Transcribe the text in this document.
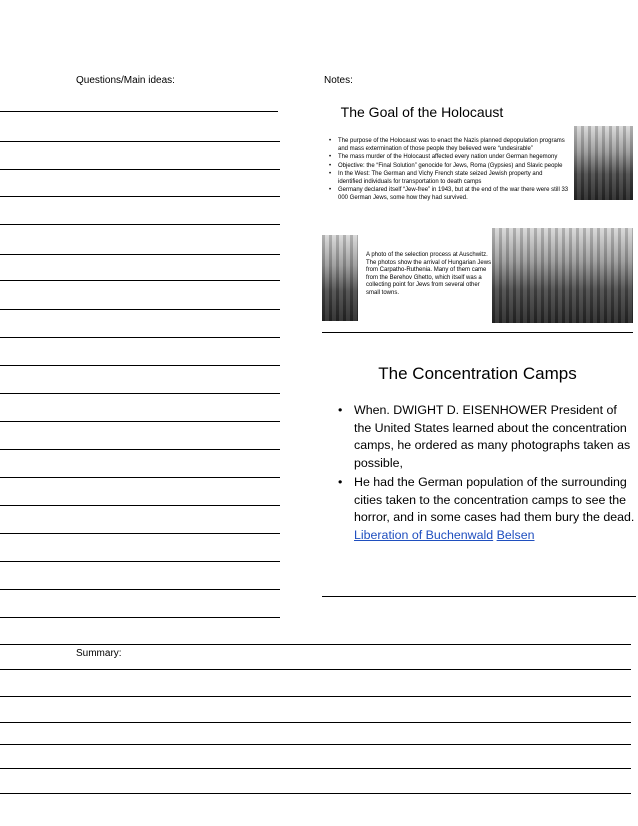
Questions/Main ideas:	Notes:
The Goal of the Holocaust
• The purpose of the Holocaust was to enact the Nazis planned depopulation programs and mass extermination of those people they believed were “undesirable”
• The mass murder of the Holocaust affected every nation under German hegemony
• Objective: the “Final Solution” genocide for Jews, Roma (Gypsies) and Slavic people
• In the West: The German and Vichy French state seized Jewish property and identified individuals for transportation to death camps
• Germany declared itself “Jew-free” in 1943, but at the end of the war there were still 33 000 German Jews, some how they had survived.
A photo of the selection process at Auschwitz. The photos show the arrival of Hungarian Jews from Carpatho-Ruthenia. Many of them came from the Berehov Ghetto, which itself was a collecting point for Jews from several other small towns.
The Concentration Camps
• When. DWIGHT D. EISENHOWER President of the United States learned about the concentration camps, he ordered as many photographs taken as possible,
• He had the German population of the surrounding cities taken to the concentration camps to see the horror, and in some cases had them bury the dead. Liberation of Buchenwald Belsen
Summary:
